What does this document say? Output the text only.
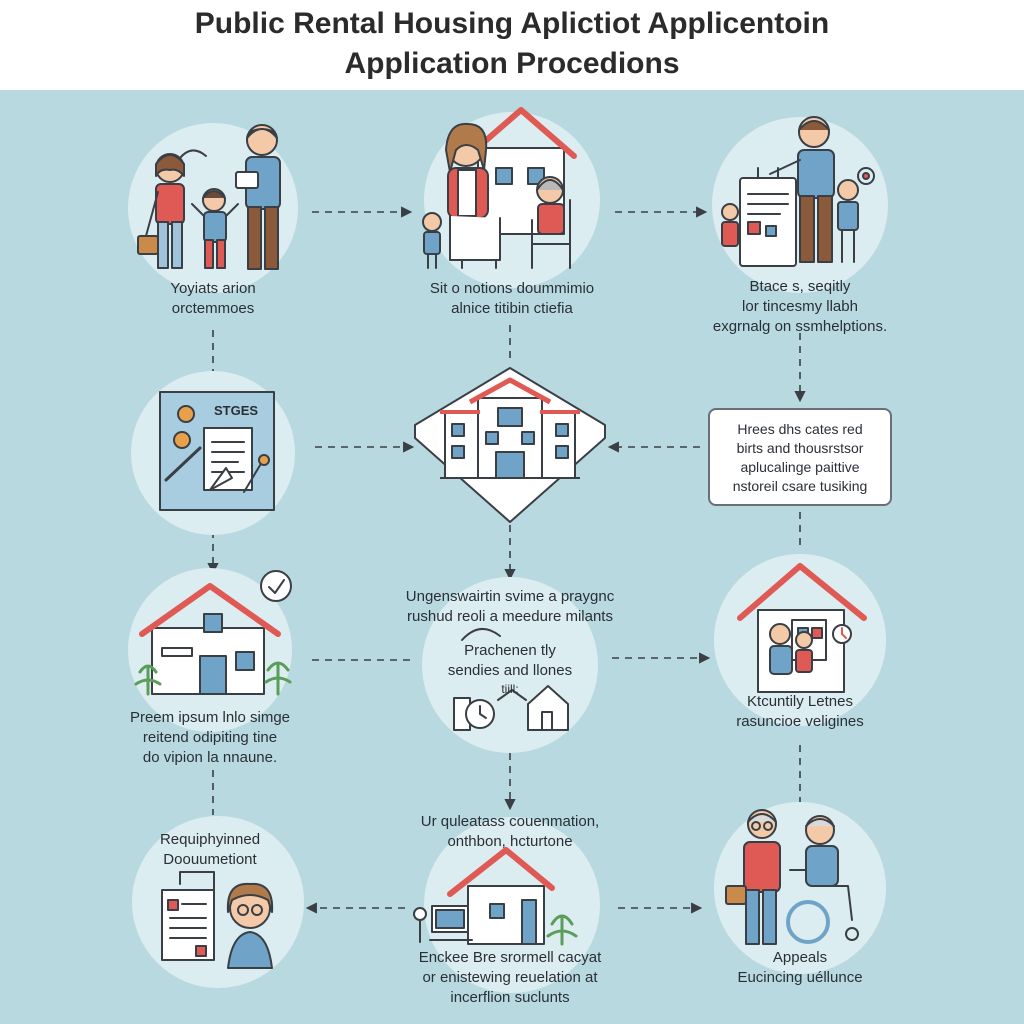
Public Rental Housing Aplictiot Applicentoin

Application Procedions

STGES
Yoyiats arion
orctemmoes
Sit o notions doummimio
alnice titibin ctiefia
Btace s, seqitly
lor tincesmy llabh
exgrnalg on ssmhelptions.
Hrees dhs cates red
birts and thousrstsor
aplucalinge paittive
nstoreil csare tusiking
Ungenswairtin svime a praygnc
rushud reoli a meedure milants
Prachenen tly
sendies and llones
tiill:
Preem ipsum lnlo simge
reitend odipiting tine
do vipion la nnaune.
Ktcuntily Letnes
rasuncioe veligines
Ur quleatass couenmation,
onthbon, hcturtone
Requiphyinned
Doouumetiont
Appeals
Eucincing uéllunce
Enckee Bre srormell cacyat
or enistewing reuelation at
incerflion suclunts
